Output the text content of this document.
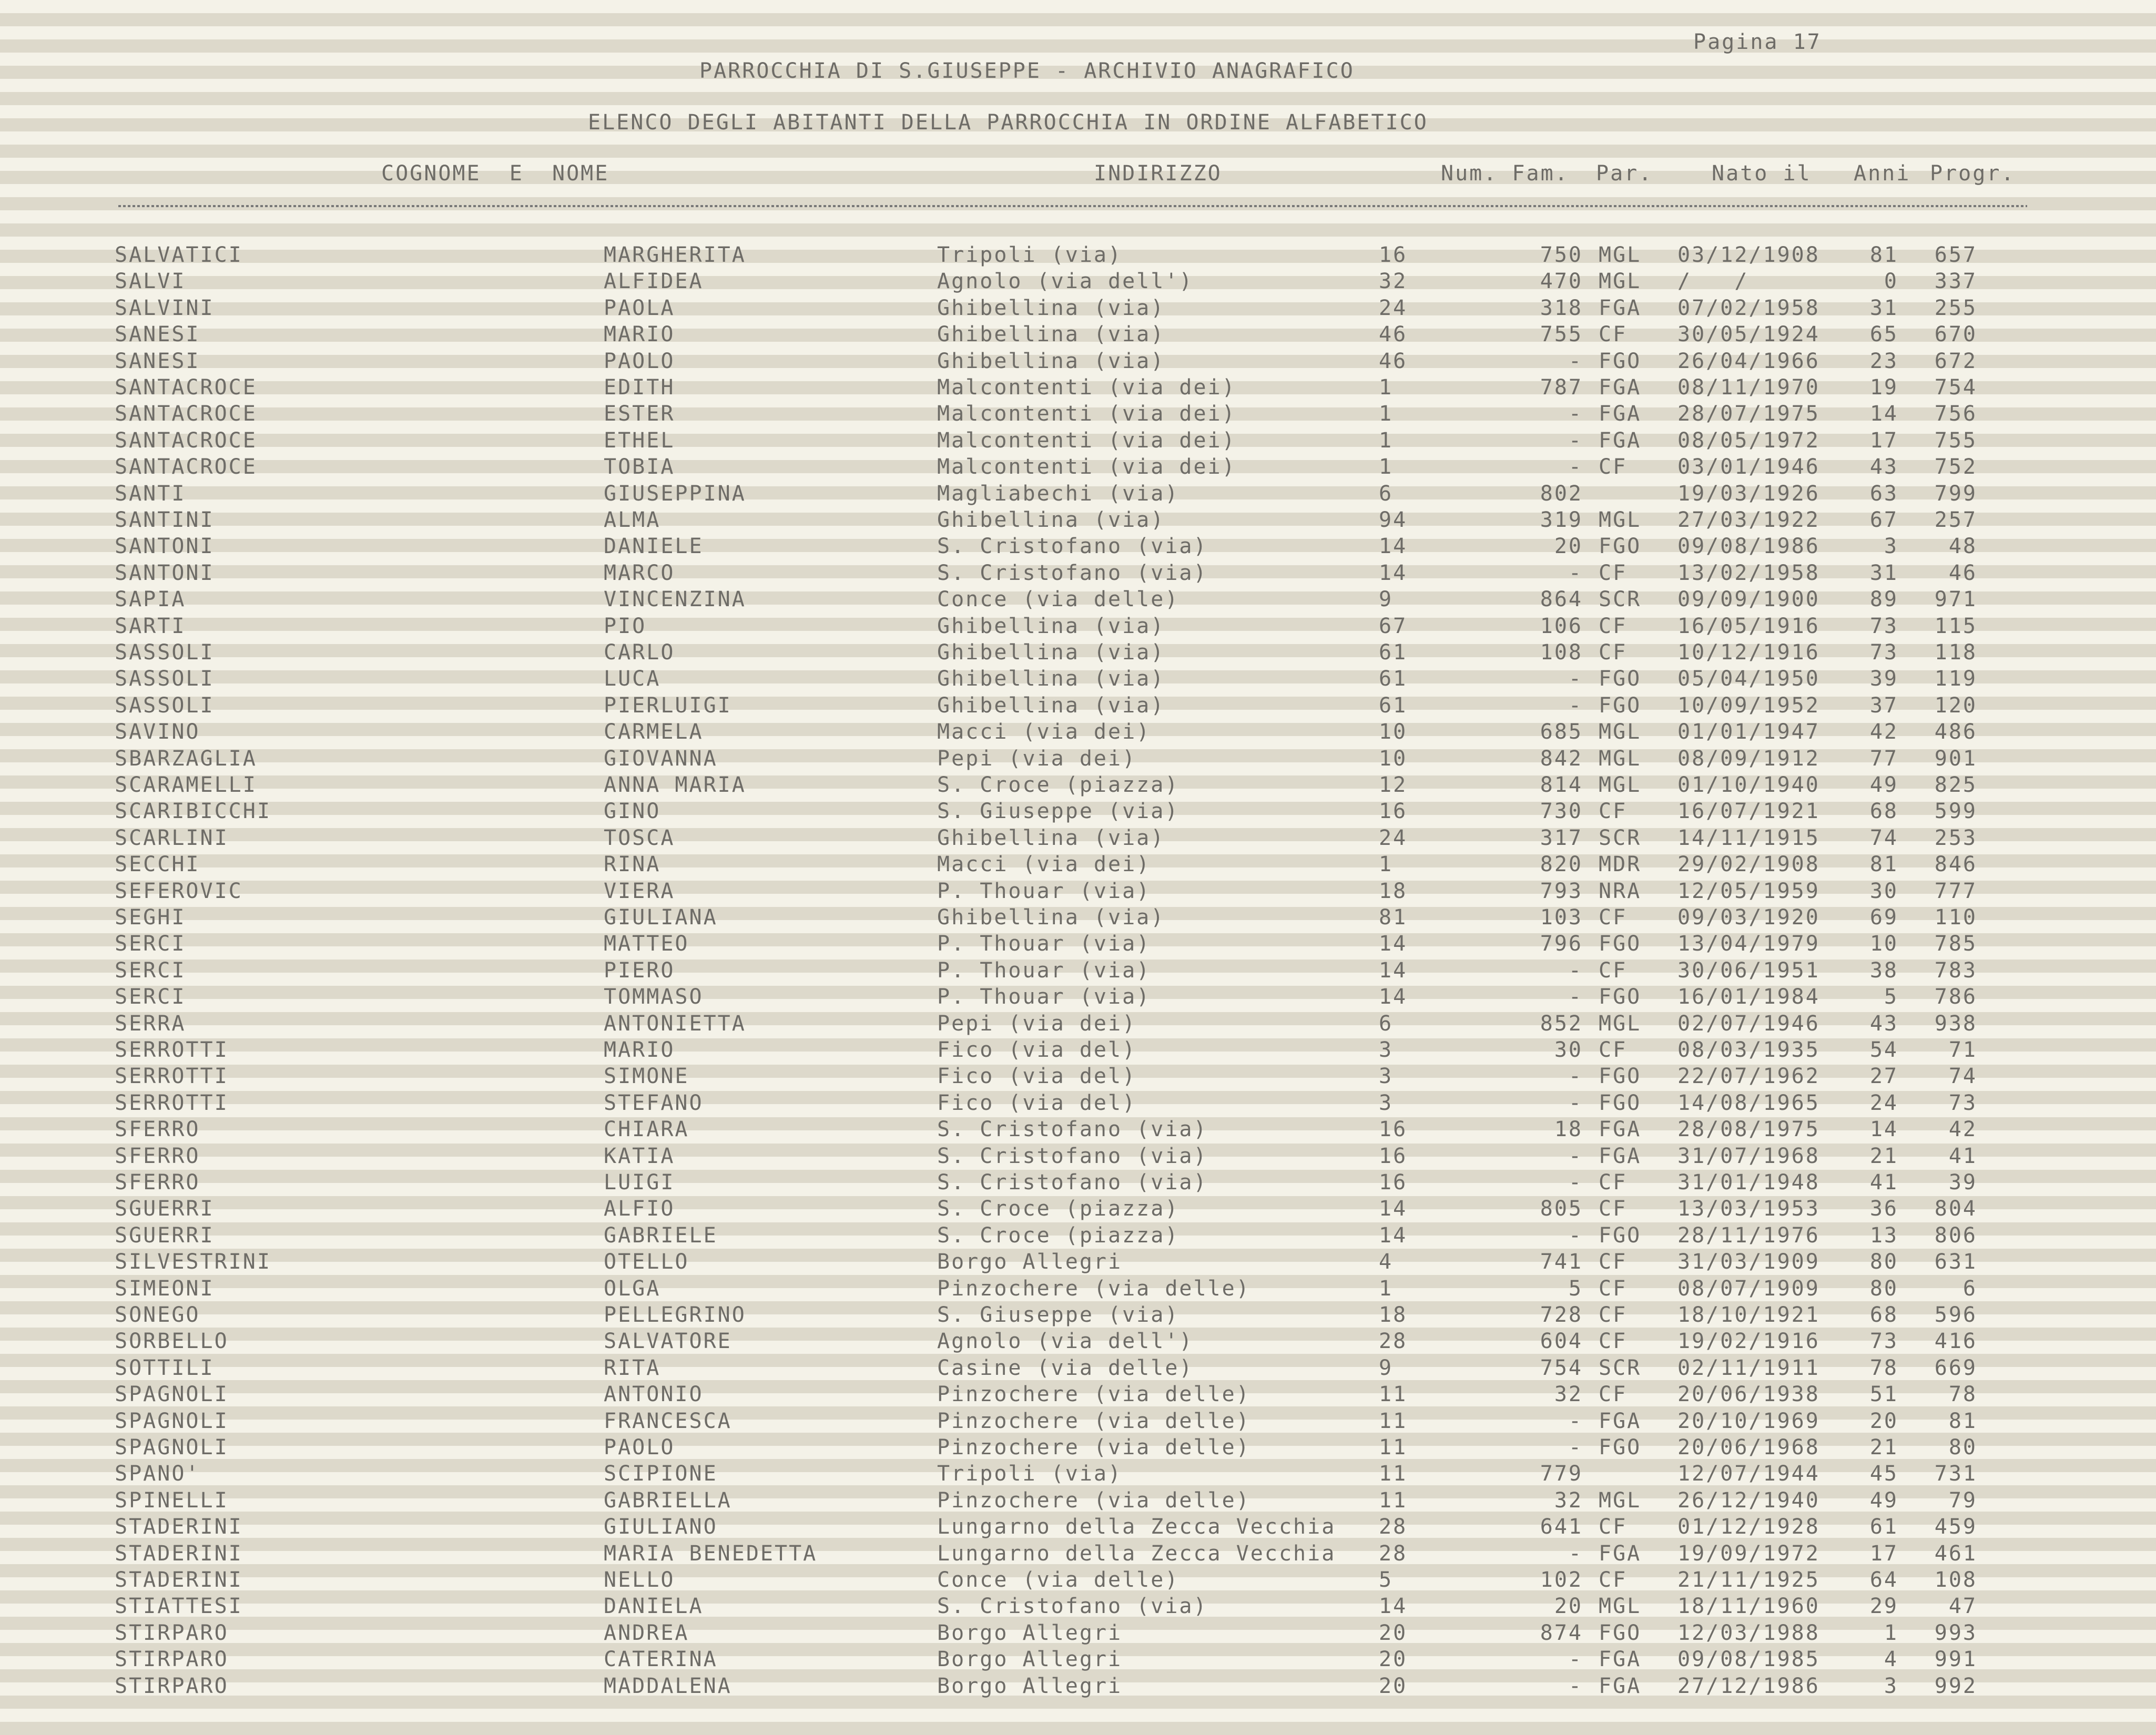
Pagina 17
PARROCCHIA DI S.GIUSEPPE - ARCHIVIO ANAGRAFICO
ELENCO DEGLI ABITANTI DELLA PARROCCHIA IN ORDINE ALFABETICO
COGNOME  E  NOME	INDIRIZZO	Num. Fam. Par.	Nato il Anni Progr.
SALVATICI	MARGHERITA	Tripoli (via)	16	750 MGL 03/12/1908	81	657
SALVI	ALFIDEA	Agnolo (via dell')	32	470 MGL /   /	0	337
SALVINI	PAOLA	Ghibellina (via)	24	318 FGA 07/02/1958	31	255
SANESI	MARIO	Ghibellina (via)	46	755 CF 30/05/1924	65	670
SANESI	PAOLO	Ghibellina (via)	46	- FGO 26/04/1966	23	672
SANTACROCE	EDITH	Malcontenti (via dei)	1	787 FGA 08/11/1970	19	754
SANTACROCE	ESTER	Malcontenti (via dei)	1	- FGA 28/07/1975	14	756
SANTACROCE	ETHEL	Malcontenti (via dei)	1	- FGA 08/05/1972	17	755
SANTACROCE	TOBIA	Malcontenti (via dei)	1	- CF 03/01/1946	43	752
SANTI	GIUSEPPINA	Magliabechi (via)	6	802	19/03/1926	63	799
SANTINI	ALMA	Ghibellina (via)	94	319 MGL 27/03/1922	67	257
SANTONI	DANIELE	S. Cristofano (via)	14	20 FGO 09/08/1986	3	48
SANTONI	MARCO	S. Cristofano (via)	14	- CF 13/02/1958	31	46
SAPIA	VINCENZINA	Conce (via delle)	9	864 SCR 09/09/1900	89	971
SARTI	PIO	Ghibellina (via)	67	106 CF 16/05/1916	73	115
SASSOLI	CARLO	Ghibellina (via)	61	108 CF 10/12/1916	73	118
SASSOLI	LUCA	Ghibellina (via)	61	- FGO 05/04/1950	39	119
SASSOLI	PIERLUIGI	Ghibellina (via)	61	- FGO 10/09/1952	37	120
SAVINO	CARMELA	Macci (via dei)	10	685 MGL 01/01/1947	42	486
SBARZAGLIA	GIOVANNA	Pepi (via dei)	10	842 MGL 08/09/1912	77	901
SCARAMELLI	ANNA MARIA	S. Croce (piazza)	12	814 MGL 01/10/1940	49	825
SCARIBICCHI	GINO	S. Giuseppe (via)	16	730 CF 16/07/1921	68	599
SCARLINI	TOSCA	Ghibellina (via)	24	317 SCR 14/11/1915	74	253
SECCHI	RINA	Macci (via dei)	1	820 MDR 29/02/1908	81	846
SEFEROVIC	VIERA	P. Thouar (via)	18	793 NRA 12/05/1959	30	777
SEGHI	GIULIANA	Ghibellina (via)	81	103 CF 09/03/1920	69	110
SERCI	MATTEO	P. Thouar (via)	14	796 FGO 13/04/1979	10	785
SERCI	PIERO	P. Thouar (via)	14	- CF 30/06/1951	38	783
SERCI	TOMMASO	P. Thouar (via)	14	- FGO 16/01/1984	5	786
SERRA	ANTONIETTA	Pepi (via dei)	6	852 MGL 02/07/1946	43	938
SERROTTI	MARIO	Fico (via del)	3	30 CF 08/03/1935	54	71
SERROTTI	SIMONE	Fico (via del)	3	- FGO 22/07/1962	27	74
SERROTTI	STEFANO	Fico (via del)	3	- FGO 14/08/1965	24	73
SFERRO	CHIARA	S. Cristofano (via)	16	18 FGA 28/08/1975	14	42
SFERRO	KATIA	S. Cristofano (via)	16	- FGA 31/07/1968	21	41
SFERRO	LUIGI	S. Cristofano (via)	16	- CF 31/01/1948	41	39
SGUERRI	ALFIO	S. Croce (piazza)	14	805 CF 13/03/1953	36	804
SGUERRI	GABRIELE	S. Croce (piazza)	14	- FGO 28/11/1976	13	806
SILVESTRINI	OTELLO	Borgo Allegri	4	741 CF 31/03/1909	80	631
SIMEONI	OLGA	Pinzochere (via delle)	1	5 CF 08/07/1909	80	6
SONEGO	PELLEGRINO	S. Giuseppe (via)	18	728 CF 18/10/1921	68	596
SORBELLO	SALVATORE	Agnolo (via dell')	28	604 CF 19/02/1916	73	416
SOTTILI	RITA	Casine (via delle)	9	754 SCR 02/11/1911	78	669
SPAGNOLI	ANTONIO	Pinzochere (via delle)	11	32 CF 20/06/1938	51	78
SPAGNOLI	FRANCESCA	Pinzochere (via delle)	11	- FGA 20/10/1969	20	81
SPAGNOLI	PAOLO	Pinzochere (via delle)	11	- FGO 20/06/1968	21	80
SPANO'	SCIPIONE	Tripoli (via)	11	779	12/07/1944	45	731
SPINELLI	GABRIELLA	Pinzochere (via delle)	11	32 MGL 26/12/1940	49	79
STADERINI	GIULIANO	Lungarno della Zecca Vecchia 28	641 CF 01/12/1928	61	459
STADERINI	MARIA BENEDETTA	Lungarno della Zecca Vecchia 28	- FGA 19/09/1972	17	461
STADERINI	NELLO	Conce (via delle)	5	102 CF 21/11/1925	64	108
STIATTESI	DANIELA	S. Cristofano (via)	14	20 MGL 18/11/1960	29	47
STIRPARO	ANDREA	Borgo Allegri	20	874 FGO 12/03/1988	1	993
STIRPARO	CATERINA	Borgo Allegri	20	- FGA 09/08/1985	4	991
STIRPARO	MADDALENA	Borgo Allegri	20	- FGA 27/12/1986	3	992
